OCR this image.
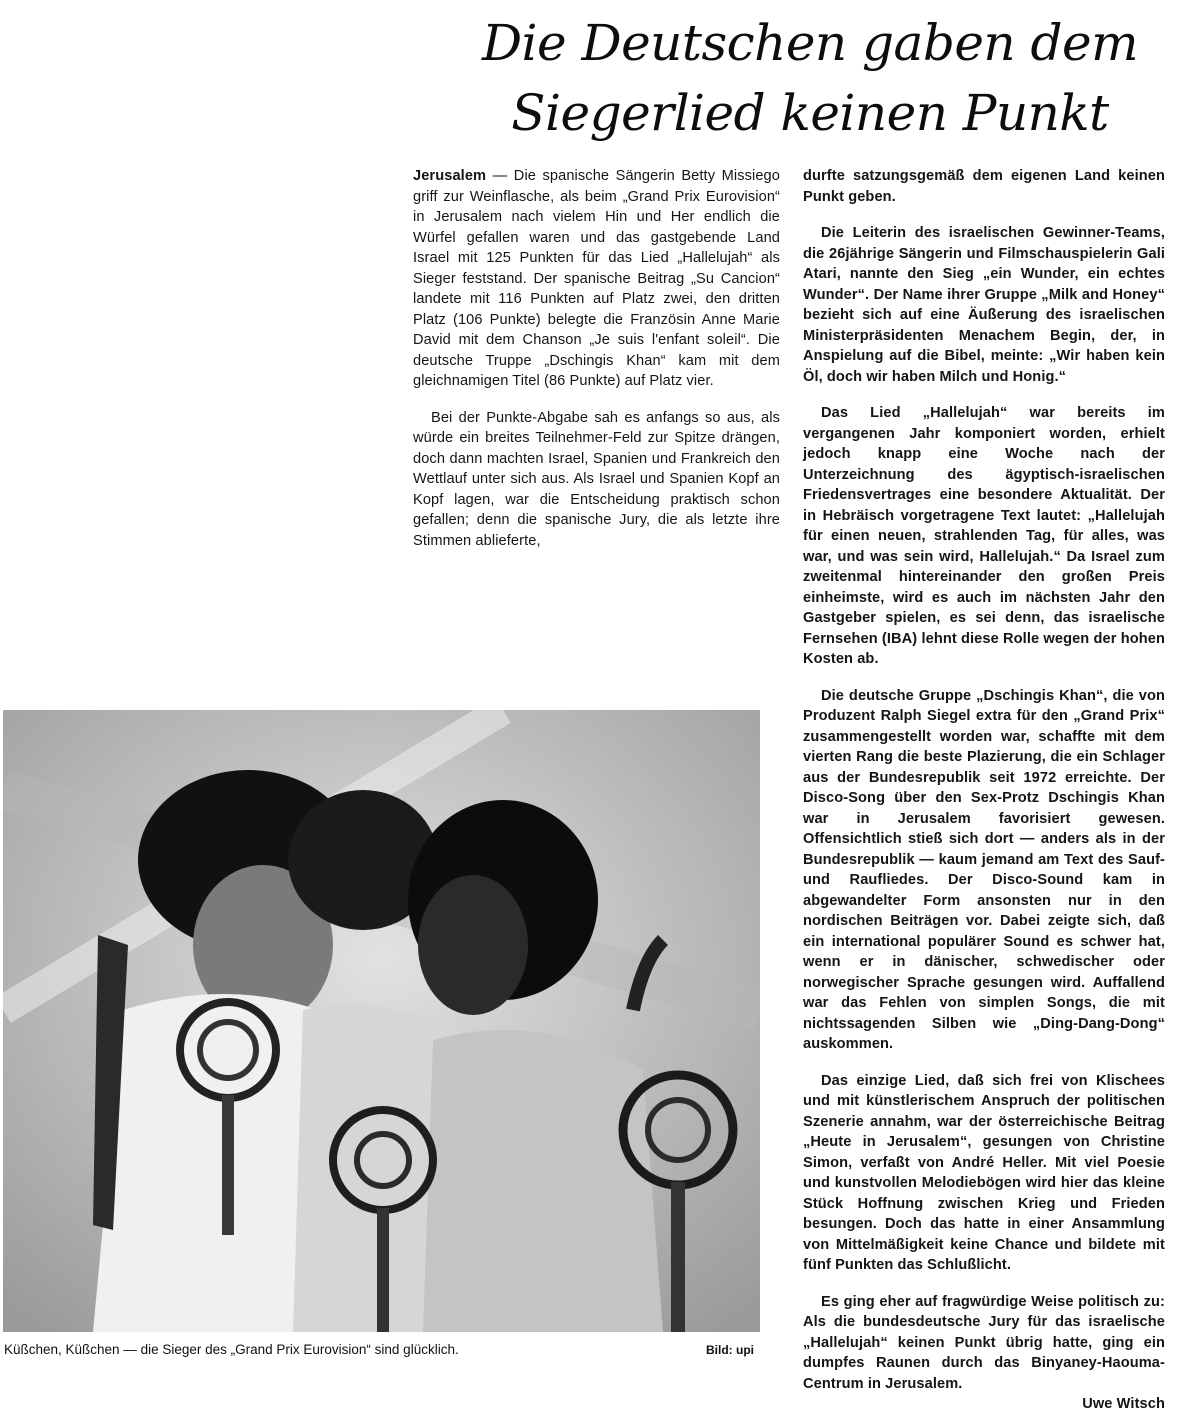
Die Deutschen gaben dem
Siegerlied keinen Punkt

Jerusalem — Die spanische Sängerin Betty Missiego griff zur Weinflasche, als beim „Grand Prix Eurovision“ in Jerusalem nach vielem Hin und Her endlich die Würfel gefallen waren und das gastgebende Land Israel mit 125 Punkten für das Lied „Hallelujah“ als Sieger feststand. Der spanische Beitrag „Su Cancion“ landete mit 116 Punkten auf Platz zwei, den dritten Platz (106 Punkte) belegte die Französin Anne Marie David mit dem Chanson „Je suis l'enfant soleil“. Die deutsche Truppe „Dschingis Khan“ kam mit dem gleichnamigen Titel (86 Punkte) auf Platz vier.

Bei der Punkte-Abgabe sah es anfangs so aus, als würde ein breites Teilnehmer-Feld zur Spitze drängen, doch dann machten Israel, Spanien und Frankreich den Wettlauf unter sich aus. Als Israel und Spanien Kopf an Kopf lagen, war die Entscheidung praktisch schon gefallen; denn die spanische Jury, die als letzte ihre Stimmen ablieferte,

durfte satzungsgemäß dem eigenen Land keinen Punkt geben.

Die Leiterin des israelischen Gewinner-Teams, die 26jährige Sängerin und Filmschauspielerin Gali Atari, nannte den Sieg „ein Wunder, ein echtes Wunder“. Der Name ihrer Gruppe „Milk and Honey“ bezieht sich auf eine Äußerung des israelischen Ministerpräsidenten Menachem Begin, der, in Anspielung auf die Bibel, meinte: „Wir haben kein Öl, doch wir haben Milch und Honig.“

Das Lied „Hallelujah“ war bereits im vergangenen Jahr komponiert worden, erhielt jedoch knapp eine Woche nach der Unterzeichnung des ägyptisch-israelischen Friedensvertrages eine besondere Aktualität. Der in Hebräisch vorgetragene Text lautet: „Hallelujah für einen neuen, strahlenden Tag, für alles, was war, und was sein wird, Hallelujah.“ Da Israel zum zweitenmal hintereinander den großen Preis einheimste, wird es auch im nächsten Jahr den Gastgeber spielen, es sei denn, das israelische Fernsehen (IBA) lehnt diese Rolle wegen der hohen Kosten ab.

Die deutsche Gruppe „Dschingis Khan“, die von Produzent Ralph Siegel extra für den „Grand Prix“ zusammengestellt worden war, schaffte mit dem vierten Rang die beste Plazierung, die ein Schlager aus der Bundesrepublik seit 1972 erreichte. Der Disco-Song über den Sex-Protz Dschingis Khan war in Jerusalem favorisiert gewesen. Offensichtlich stieß sich dort — anders als in der Bundesrepublik — kaum jemand am Text des Sauf- und Raufliedes. Der Disco-Sound kam in abgewandelter Form ansonsten nur in den nordischen Beiträgen vor. Dabei zeigte sich, daß ein international populärer Sound es schwer hat, wenn er in dänischer, schwedischer oder norwegischer Sprache gesungen wird. Auffallend war das Fehlen von simplen Songs, die mit nichtssagenden Silben wie „Ding-Dang-Dong“ auskommen.

Das einzige Lied, daß sich frei von Klischees und mit künstlerischem Anspruch der politischen Szenerie annahm, war der österreichische Beitrag „Heute in Jerusalem“, gesungen von Christine Simon, verfaßt von André Heller. Mit viel Poesie und kunstvollen Melodiebögen wird hier das kleine Stück Hoffnung zwischen Krieg und Frieden besungen. Doch das hatte in einer Ansammlung von Mittelmäßigkeit keine Chance und bildete mit fünf Punkten das Schlußlicht.

Es ging eher auf fragwürdige Weise politisch zu: Als die bundesdeutsche Jury für das israelische „Hallelujah“ keinen Punkt übrig hatte, ging ein dumpfes Raunen durch das Binyaney-Haouma-Centrum in Jerusalem.

Uwe Witsch
Küßchen, Küßchen — die Sieger des „Grand Prix Eurovision“ sind glücklich.	Bild: upi
